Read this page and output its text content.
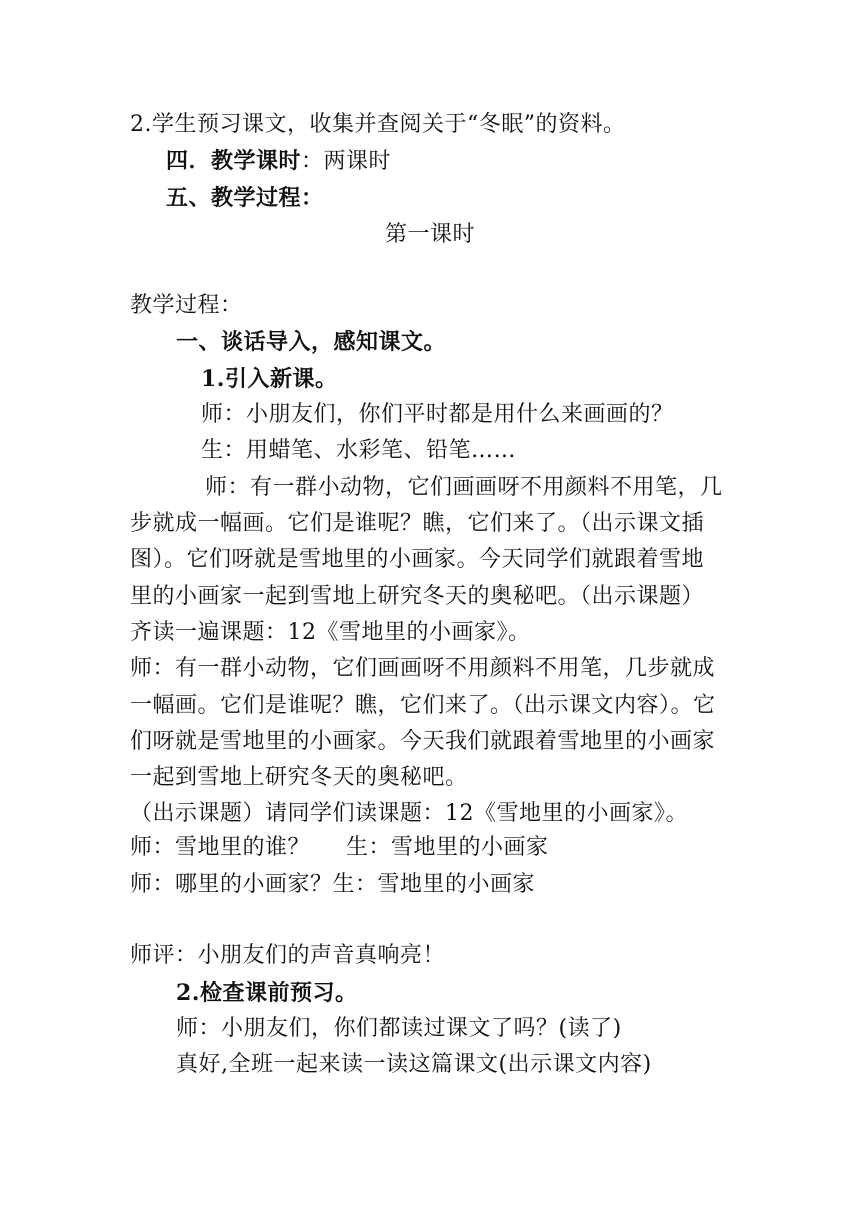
2.学生预习课文，收集并查阅关于“冬眠”的资料。
四．教学课时：两课时
五、教学过程：
第一课时
教学过程：
一、谈话导入，感知课文。
1.引入新课。
师：小朋友们，你们平时都是用什么来画画的？
生：用蜡笔、水彩笔、铅笔……
师：有一群小动物，它们画画呀不用颜料不用笔，几
步就成一幅画。它们是谁呢？瞧，它们来了。（出示课文插
图）。它们呀就是雪地里的小画家。今天同学们就跟着雪地
里的小画家一起到雪地上研究冬天的奥秘吧。（出示课题）
齐读一遍课题：12《雪地里的小画家》。
师：有一群小动物，它们画画呀不用颜料不用笔，几步就成
一幅画。它们是谁呢？瞧，它们来了。（出示课文内容）。它
们呀就是雪地里的小画家。今天我们就跟着雪地里的小画家
一起到雪地上研究冬天的奥秘吧。
（出示课题）请同学们读课题：12《雪地里的小画家》。
师：雪地里的谁？ 生：雪地里的小画家
师：哪里的小画家？生：雪地里的小画家
师评：小朋友们的声音真响亮！
2.检查课前预习。
师：小朋友们，你们都读过课文了吗？(读了)
真好,全班一起来读一读这篇课文(出示课文内容)
